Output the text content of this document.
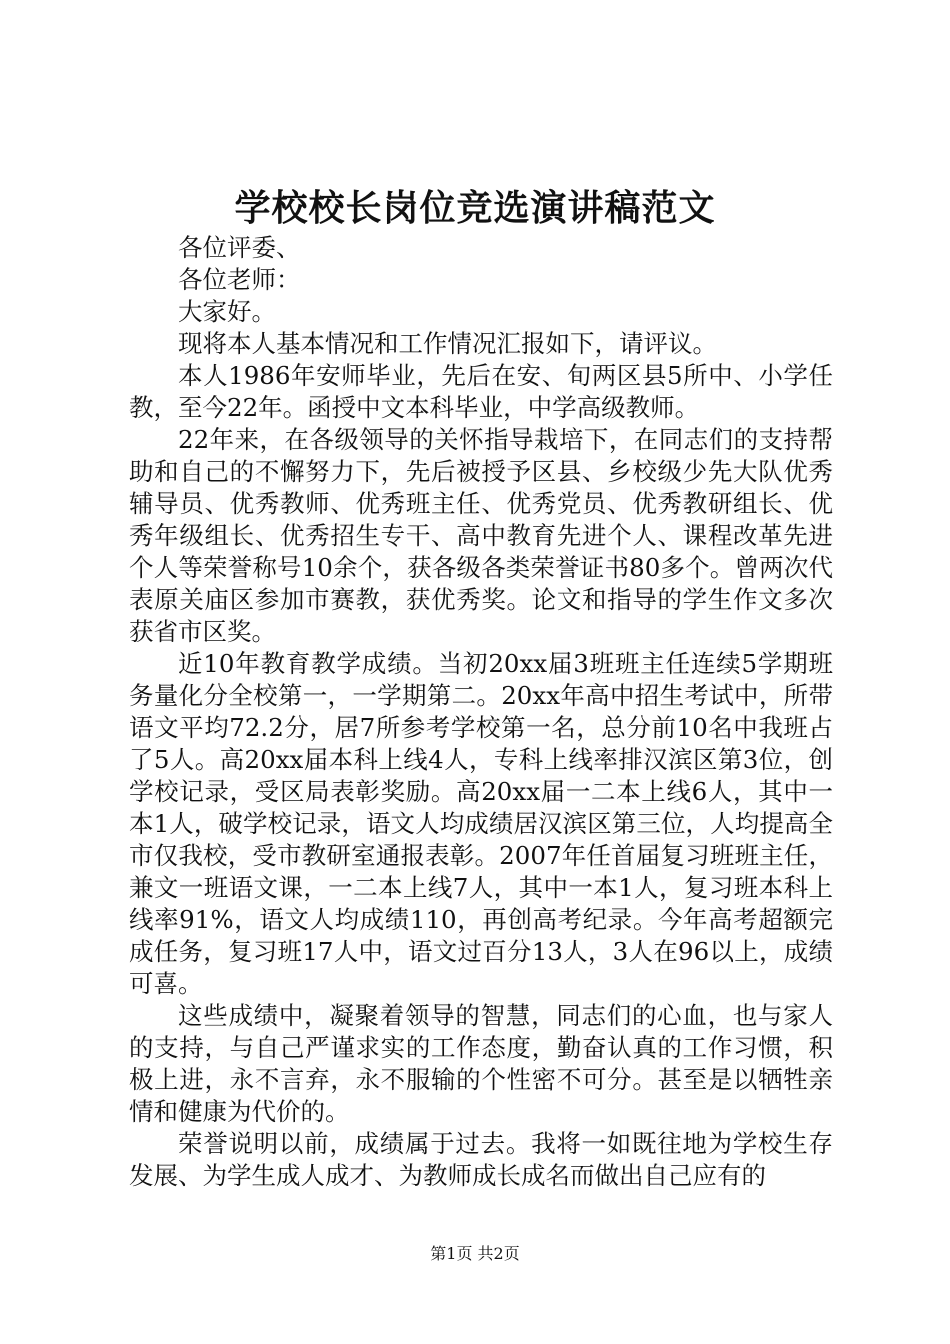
学校校长岗位竞选演讲稿范文

各位评委、

各位老师：

大家好。

现将本人基本情况和工作情况汇报如下，请评议。

本人1986年安师毕业，先后在安、旬两区县5所中、小学任教，至今22年。函授中文本科毕业，中学高级教师。

22年来，在各级领导的关怀指导栽培下，在同志们的支持帮助和自己的不懈努力下，先后被授予区县、乡校级少先大队优秀辅导员、优秀教师、优秀班主任、优秀党员、优秀教研组长、优秀年级组长、优秀招生专干、高中教育先进个人、课程改革先进个人等荣誉称号10余个，获各级各类荣誉证书80多个。曾两次代表原关庙区参加市赛教，获优秀奖。论文和指导的学生作文多次获省市区奖。

近10年教育教学成绩。当初20xx届3班班主任连续5学期班务量化分全校第一，一学期第二。20xx年高中招生考试中，所带语文平均72.2分，居7所参考学校第一名，总分前10名中我班占了5人。高20xx届本科上线4人，专科上线率排汉滨区第3位，创学校记录，受区局表彰奖励。高20xx届一二本上线6人，其中一本1人，破学校记录，语文人均成绩居汉滨区第三位，人均提高全市仅我校，受市教研室通报表彰。2007年任首届复习班班主任，兼文一班语文课，一二本上线7人，其中一本1人，复习班本科上线率91%，语文人均成绩110，再创高考纪录。今年高考超额完成任务，复习班17人中，语文过百分13人，3人在96以上，成绩可喜。

这些成绩中，凝聚着领导的智慧，同志们的心血，也与家人的支持，与自己严谨求实的工作态度，勤奋认真的工作习惯，积极上进，永不言弃，永不服输的个性密不可分。甚至是以牺牲亲情和健康为代价的。

荣誉说明以前，成绩属于过去。我将一如既往地为学校生存发展、为学生成人成才、为教师成长成名而做出自己应有的

第1页 共2页
